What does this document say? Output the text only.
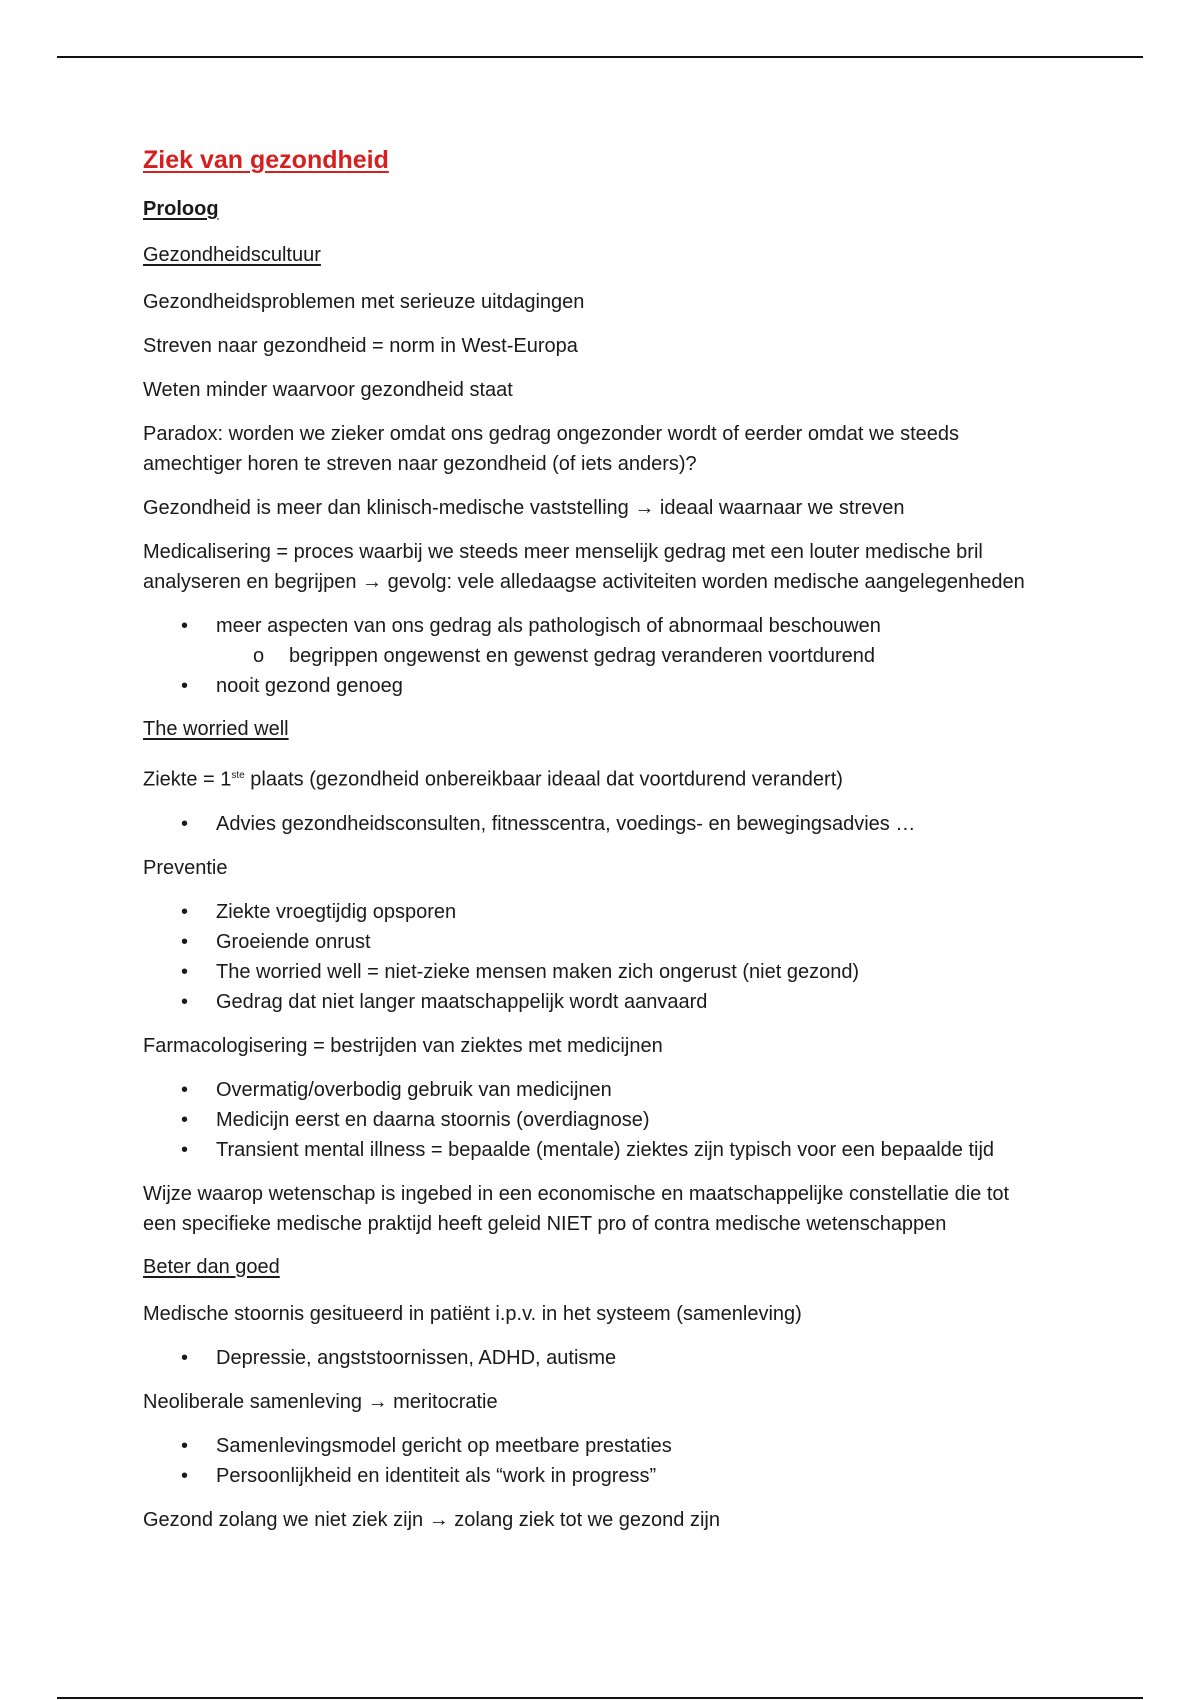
Ziek van gezondheid
Proloog
Gezondheidscultuur
Gezondheidsproblemen met serieuze uitdagingen
Streven naar gezondheid = norm in West-Europa
Weten minder waarvoor gezondheid staat
Paradox: worden we zieker omdat ons gedrag ongezonder wordt of eerder omdat we steeds amechtiger horen te streven naar gezondheid (of iets anders)?
Gezondheid is meer dan klinisch-medische vaststelling → ideaal waarnaar we streven
Medicalisering = proces waarbij we steeds meer menselijk gedrag met een louter medische bril analyseren en begrijpen → gevolg: vele alledaagse activiteiten worden medische aangelegenheden
• meer aspecten van ons gedrag als pathologisch of abnormaal beschouwen
o begrippen ongewenst en gewenst gedrag veranderen voortdurend
• nooit gezond genoeg
The worried well
Ziekte = 1ste plaats (gezondheid onbereikbaar ideaal dat voortdurend verandert)
• Advies gezondheidsconsulten, fitnesscentra, voedings- en bewegingsadvies …
Preventie
• Ziekte vroegtijdig opsporen
• Groeiende onrust
• The worried well = niet-zieke mensen maken zich ongerust (niet gezond)
• Gedrag dat niet langer maatschappelijk wordt aanvaard
Farmacologisering = bestrijden van ziektes met medicijnen
• Overmatig/overbodig gebruik van medicijnen
• Medicijn eerst en daarna stoornis (overdiagnose)
• Transient mental illness = bepaalde (mentale) ziektes zijn typisch voor een bepaalde tijd
Wijze waarop wetenschap is ingebed in een economische en maatschappelijke constellatie die tot een specifieke medische praktijd heeft geleid NIET pro of contra medische wetenschappen
Beter dan goed
Medische stoornis gesitueerd in patiënt i.p.v. in het systeem (samenleving)
• Depressie, angststoornissen, ADHD, autisme
Neoliberale samenleving → meritocratie
• Samenlevingsmodel gericht op meetbare prestaties
• Persoonlijkheid en identiteit als “work in progress”
Gezond zolang we niet ziek zijn → zolang ziek tot we gezond zijn
